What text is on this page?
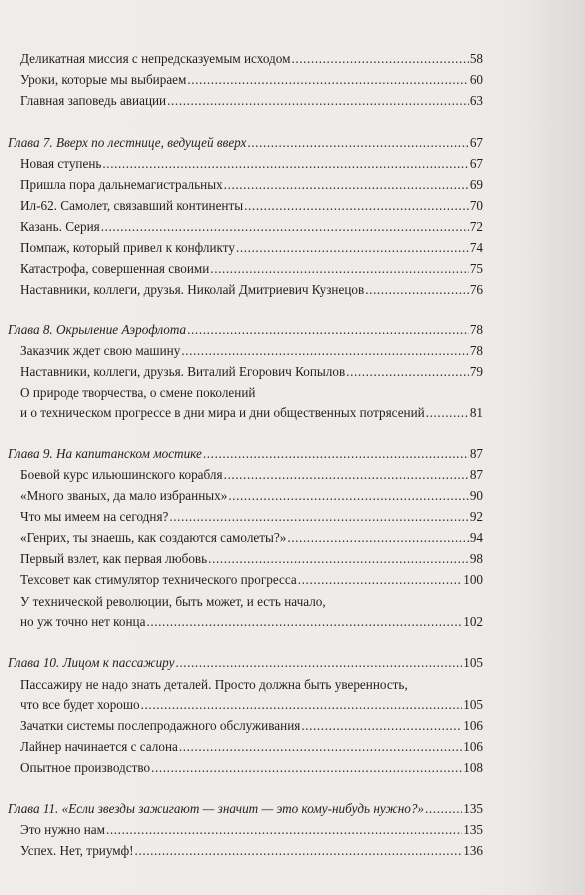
Деликатная миссия с непредсказуемым исходом .....	58
Уроки, которые мы выбираем .....	60
Главная заповедь авиации .....	63
Глава 7. Вверх по лестнице, ведущей вверх .....	67
Новая ступень .....	67
Пришла пора дальнемагистральных .....	69
Ил-62. Самолет, связавший континенты .....	70
Казань. Серия .....	72
Помпаж, который привел к конфликту .....	74
Катастрофа, совершенная своими .....	75
Наставники, коллеги, друзья. Николай Дмитриевич Кузнецов .....	76
Глава 8. Окрыление Аэрофлота .....	78
Заказчик ждет свою машину .....	78
Наставники, коллеги, друзья. Виталий Егорович Копылов .....	79
О природе творчества, о смене поколений
и о техническом прогрессе в дни мира и дни общественных потрясений .....	81
Глава 9. На капитанском мостике .....	87
Боевой курс ильюшинского корабля .....	87
«Много званых, да мало избранных» .....	90
Что мы имеем на сегодня? .....	92
«Генрих, ты знаешь, как создаются самолеты?» .....	94
Первый взлет, как первая любовь .....	98
Техсовет как стимулятор технического прогресса .....	100
У технической революции, быть может, и есть начало,
но уж точно нет конца .....	102
Глава 10. Лицом к пассажиру .....	105
Пассажиру не надо знать деталей. Просто должна быть уверенность,
что все будет хорошо .....	105
Зачатки системы послепродажного обслуживания .....	106
Лайнер начинается с салона .....	106
Опытное производство .....	108
Глава 11. «Если звезды зажигают — значит — это кому-нибудь нужно?» .....	135
Это нужно нам .....	135
Успех. Нет, триумф! .....	136
